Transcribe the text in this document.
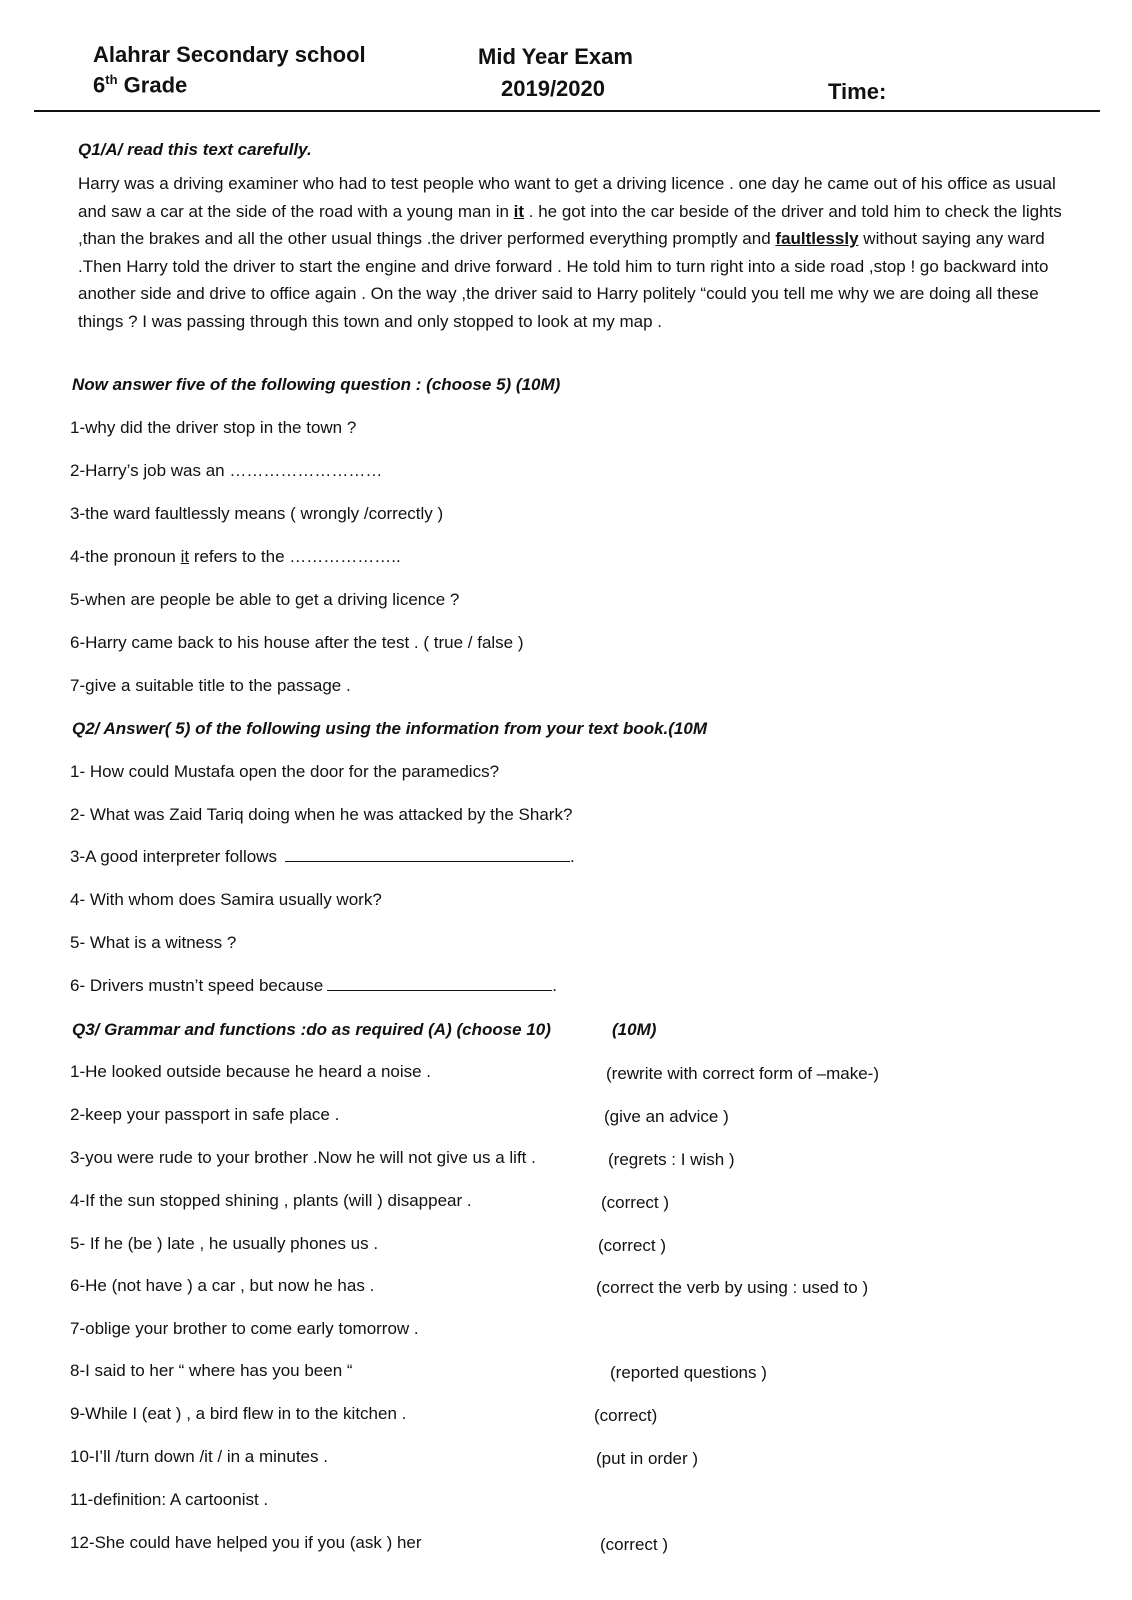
Alahrar Secondary school
6th Grade
Mid Year Exam
2019/2020	Time:
Q1/A/ read this text carefully.

Harry was a driving examiner who had to test people who want to get a driving licence . one day he came out of his office as usual and saw a car at the side of the road with a young man in it . he got into the car beside of the driver and told him to check the lights ,than the brakes and all the other usual things .the driver performed everything promptly and faultlessly without saying any ward .Then Harry told the driver to start the engine and drive forward . He told him to turn right into a side road ,stop ! go backward into another side and drive to office again . On the way ,the driver said to Harry politely “could you tell me why we are doing all these things ? I was passing through this town and only stopped to look at my map .

Now answer five of the following question : (choose 5) (10M)
1-why did the driver stop in the town ?
2-Harry’s job was an ………………………
3-the ward faultlessly means ( wrongly /correctly )
4-the pronoun it refers to the ………………..
5-when are people be able to get a driving licence ?
6-Harry came back to his house after the test . ( true / false )
7-give a suitable title to the passage .
Q2/ Answer( 5) of the following using the information from your text book.(10M
1- How could Mustafa open the door for the paramedics?
2- What was Zaid Tariq doing when he was attacked by the Shark?
3-A good interpreter follows	.
4- With whom does Samira usually work?
5- What is a witness ?
6- Drivers mustn’t speed because	.
Q3/ Grammar and functions :do as required (A) (choose 10)	(10M)
1-He looked outside because he heard a noise .	(rewrite with correct form of –make-)
2-keep your passport in safe place .	(give an advice )
3-you were rude to your brother .Now he will not give us a lift .	(regrets : I wish )
4-If the sun stopped shining , plants (will ) disappear .	(correct )
5- If he (be ) late , he usually phones us .	(correct )
6-He (not have ) a car , but now he has .	(correct the verb by using : used to )
7-oblige your brother to come early tomorrow .
8-I said to her “ where has you been “	(reported questions )
9-While I (eat ) , a bird flew in to the kitchen .	(correct)
10-I’ll /turn down /it / in a minutes .	(put in order )
11-definition: A cartoonist .
12-She could have helped you if you (ask ) her	(correct )
